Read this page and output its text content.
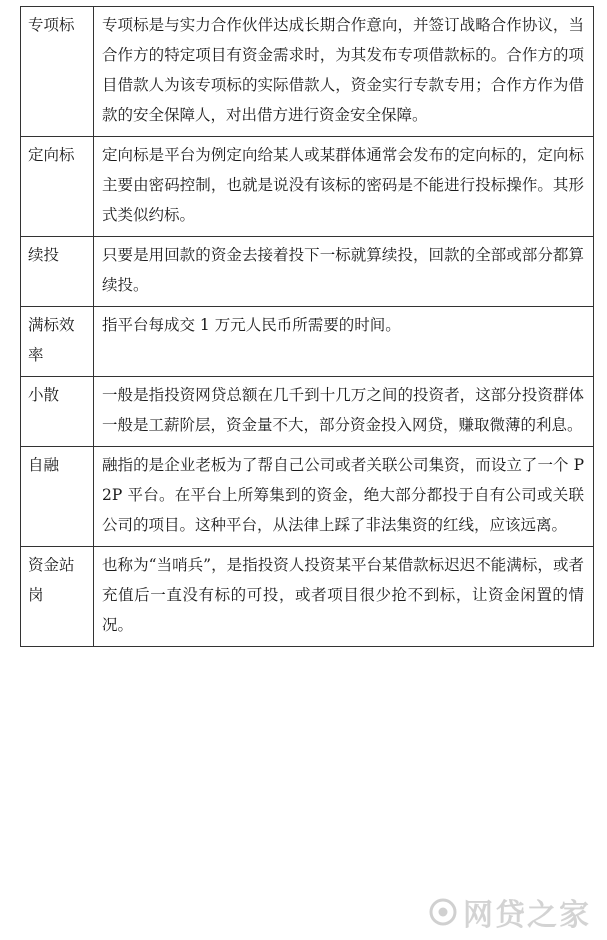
专项标	专项标是与实力合作伙伴达成长期合作意向，并签订战略合作协议，当合作方的特定项目有资金需求时，为其发布专项借款标的。合作方的项目借款人为该专项标的实际借款人，资金实行专款专用；合作方作为借款的安全保障人，对出借方进行资金安全保障。
定向标	定向标是平台为例定向给某人或某群体通常会发布的定向标的，定向标主要由密码控制，也就是说没有该标的密码是不能进行投标操作。其形式类似约标。
续投	只要是用回款的资金去接着投下一标就算续投，回款的全部或部分都算续投。
满标效率	指平台每成交 1 万元人民币所需要的时间。
小散	一般是指投资网贷总额在几千到十几万之间的投资者，这部分投资群体一般是工薪阶层，资金量不大，部分资金投入网贷，赚取微薄的利息。
自融	融指的是企业老板为了帮自己公司或者关联公司集资，而设立了一个 P2P 平台。在平台上所筹集到的资金，绝大部分都投于自有公司或关联公司的项目。这种平台，从法律上踩了非法集资的红线，应该远离。
资金站岗	也称为“当哨兵”，是指投资人投资某平台某借款标迟迟不能满标，或者充值后一直没有标的可投，或者项目很少抢不到标，让资金闲置的情况。
网贷之家
